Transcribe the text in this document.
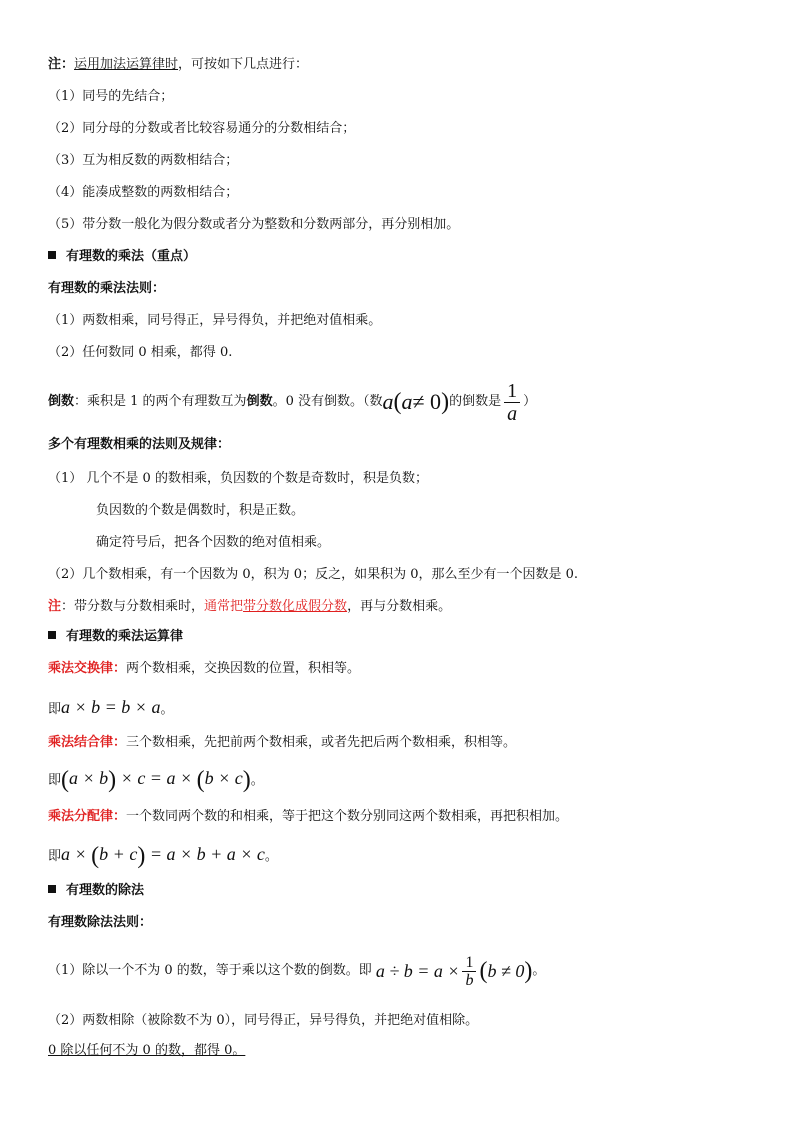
注：运用加法运算律时，可按如下几点进行：
（1）同号的先结合；
（2）同分母的分数或者比较容易通分的分数相结合；
（3）互为相反数的两数相结合；
（4）能凑成整数的两数相结合；
（5）带分数一般化为假分数或者分为整数和分数两部分，再分别相加。
有理数的乘法（重点）
有理数的乘法法则：
（1）两数相乘，同号得正，异号得负，并把绝对值相乘。
（2）任何数同 0 相乘，都得 0.
倒数 ：乘积是 1 的两个有理数互为 倒数 。0 没有倒数。（数 a ( a ≠ 0 ) 的倒数是 $\frac{1}{a}$ ）
多个有理数相乘的法则及规律：
（1） 几个不是 0 的数相乘，负因数的个数是奇数时，积是负数；
负因数的个数是偶数时，积是正数。
确定符号后，把各个因数的绝对值相乘。
（2）几个数相乘，有一个因数为 0，积为 0；反之，如果积为 0，那么至少有一个因数是 0.
注：带分数与分数相乘时，通常把带分数化成假分数，再与分数相乘。
有理数的乘法运算律
乘法交换律：两个数相乘，交换因数的位置，积相等。
即a × b = b × a。
乘法结合律：三个数相乘，先把前两个数相乘，或者先把后两个数相乘，积相等。
即(a × b) × c = a × (b × c)。
乘法分配律：一个数同两个数的和相乘，等于把这个数分别同这两个数相乘，再把积相加。
即a × (b + c) = a × b + a × c。
有理数的除法
有理数除法法则：
（1）除以一个不为 0 的数，等于乘以这个数的倒数。即 $a \div b = a \times \frac{1}{b}$ ( b ≠ 0 ) 。
（2）两数相除（被除数不为 0），同号得正，异号得负，并把绝对值相除。
0 除以任何不为 0 的数，都得 0。
